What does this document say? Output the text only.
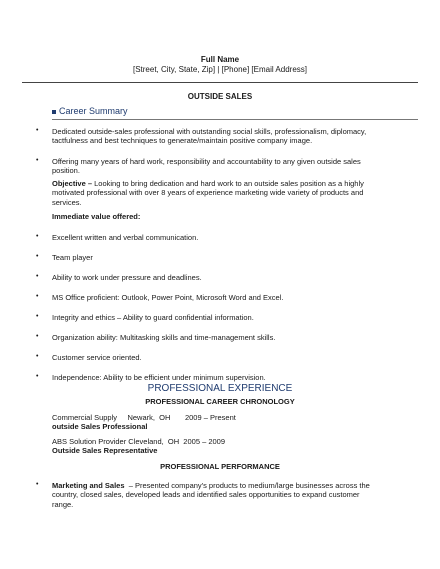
Full Name
[Street, City, State, Zip] | [Phone] [Email Address]
OUTSIDE SALES
Career Summary
• Dedicated outside-sales professional with outstanding social skills, professionalism, diplomacy, tactfulness and best techniques to generate/maintain positive company image.
• Offering many years of hard work, responsibility and accountability to any given outside sales position.
Objective – Looking to bring dedication and hard work to an outside sales position as a highly motivated professional with over 8 years of experience marketing wide variety of products and services.
Immediate value offered:
• Excellent written and verbal communication.
• Team player
• Ability to work under pressure and deadlines.
• MS Office proficient: Outlook, Power Point, Microsoft Word and Excel.
• Integrity and ethics – Ability to guard confidential information.
• Organization ability: Multitasking skills and time-management skills.
• Customer service oriented.
• Independence: Ability to be efficient under minimum supervision.
PROFESSIONAL EXPERIENCE
PROFESSIONAL CAREER CHRONOLOGY
Commercial Supply     Newark,  OH       2009 – Present
outside Sales Professional
ABS Solution Provider Cleveland,  OH  2005 – 2009
Outside Sales Representative
PROFESSIONAL PERFORMANCE
• Marketing and Sales  – Presented company's products to medium/large businesses across the country, closed sales, developed leads and identified sales opportunities to expand customer range.
